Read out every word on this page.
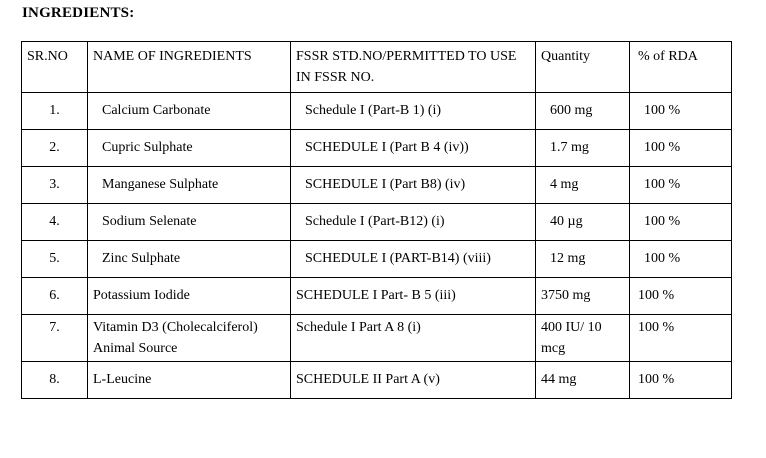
INGREDIENTS:
SR.NO	NAME OF INGREDIENTS	FSSR STD.NO/PERMITTED TO USE IN FSSR NO.	Quantity	% of RDA
1.	Calcium Carbonate	Schedule I (Part-B 1) (i)	600 mg	100 %
2.	Cupric Sulphate	SCHEDULE I (Part B 4 (iv))	1.7 mg	100 %
3.	Manganese Sulphate	SCHEDULE I (Part B8) (iv)	4 mg	100 %
4.	Sodium Selenate	Schedule I (Part-B12) (i)	40 µg	100 %
5.	Zinc Sulphate	SCHEDULE I (PART-B14) (viii)	12 mg	100 %
6.	Potassium Iodide	SCHEDULE I Part- B 5 (iii)	3750 mg	100 %
7.	Vitamin D3 (Cholecalciferol) Animal Source	Schedule I Part A 8 (i)	400 IU/ 10 mcg	100 %
8.	L-Leucine	SCHEDULE II Part A (v)	44 mg	100 %
